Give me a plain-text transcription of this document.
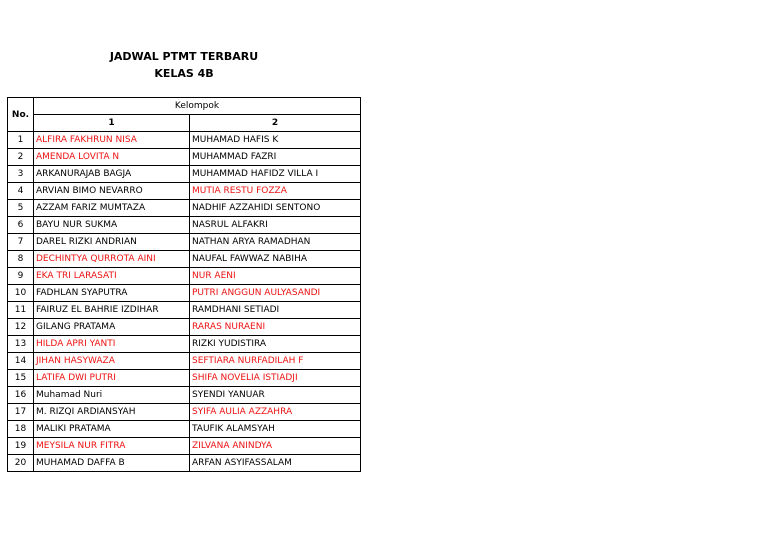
JADWAL PTMT TERBARU
KELAS 4B
No.	Kelompok	
	1	2
1	ALFIRA FAKHRUN NISA	MUHAMAD HAFIS K
2	AMENDA LOVITA N	MUHAMMAD FAZRI
3	ARKANURAJAB BAGJA	MUHAMMAD HAFIDZ VILLA I
4	ARVIAN BIMO NEVARRO	MUTIA RESTU FOZZA
5	AZZAM FARIZ MUMTAZA	NADHIF AZZAHIDI SENTONO
6	BAYU NUR SUKMA	NASRUL ALFAKRI
7	DAREL RIZKI ANDRIAN	NATHAN ARYA RAMADHAN
8	DECHINTYA QURROTA AINI	NAUFAL FAWWAZ NABIHA
9	EKA TRI LARASATI	NUR AENI
10	FADHLAN SYAPUTRA	PUTRI ANGGUN AULYASANDI
11	FAIRUZ EL BAHRIE IZDIHAR	RAMDHANI SETIADI
12	GILANG PRATAMA	RARAS NURAENI
13	HILDA APRI YANTI	RIZKI YUDISTIRA
14	JIHAN HASYWAZA	SEFTIARA NURFADILAH F
15	LATIFA DWI PUTRI	SHIFA NOVELIA ISTIADJI
16	Muhamad Nuri	SYENDI YANUAR
17	M. RIZQI ARDIANSYAH	SYIFA AULIA AZZAHRA
18	MALIKI PRATAMA	TAUFIK ALAMSYAH
19	MEYSILA NUR FITRA	ZILVANA ANINDYA
20	MUHAMAD DAFFA B	ARFAN ASYIFASSALAM
